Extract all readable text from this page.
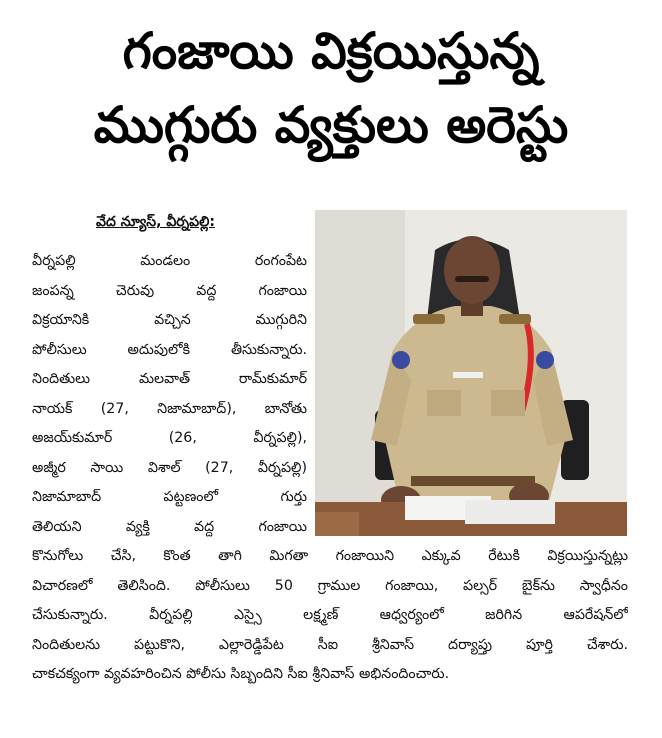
గంజాయి విక్రయిస్తున్న
ముగ్గురు వ్యక్తులు అరెస్టు
వేద న్యూస్, వీర్నపల్లి:
వీర్నపల్లి మండలం రంగంపేట
జంపన్న చెరువు వద్ద గంజాయి
విక్రయానికి వచ్చిన ముగ్గురిని
పోలీసులు అదుపులోకి తీసుకున్నారు.
నిందితులు మలవాత్ రామ్‌కుమార్
నాయక్ (27, నిజామాబాద్), బానోతు
అజయ్‌కుమార్ (26, వీర్నపల్లి),
అజ్మీర సాయి విశాల్ (27, వీర్నపల్లి)
నిజామాబాద్ పట్టణంలో గుర్తు
తెలియని వ్యక్తి వద్ద గంజాయి
కొనుగోలు చేసి, కొంత తాగి మిగతా గంజాయిని ఎక్కువ రేటుకి విక్రయిస్తున్నట్లు
విచారణలో తెలిసింది. పోలీసులు 50 గ్రాముల గంజాయి, పల్సర్ బైక్‌ను స్వాధీనం
చేసుకున్నారు. వీర్నపల్లి ఎస్సై లక్ష్మణ్ ఆధ్వర్యంలో జరిగిన ఆపరేషన్‌లో
నిందితులను పట్టుకొని, ఎల్లారెడ్డిపేట సీఐ శ్రీనివాస్ దర్యాప్తు పూర్తి చేశారు.
చాకచక్యంగా వ్యవహరించిన పోలీసు సిబ్బందిని సీఐ శ్రీనివాస్ అభినందించారు.
